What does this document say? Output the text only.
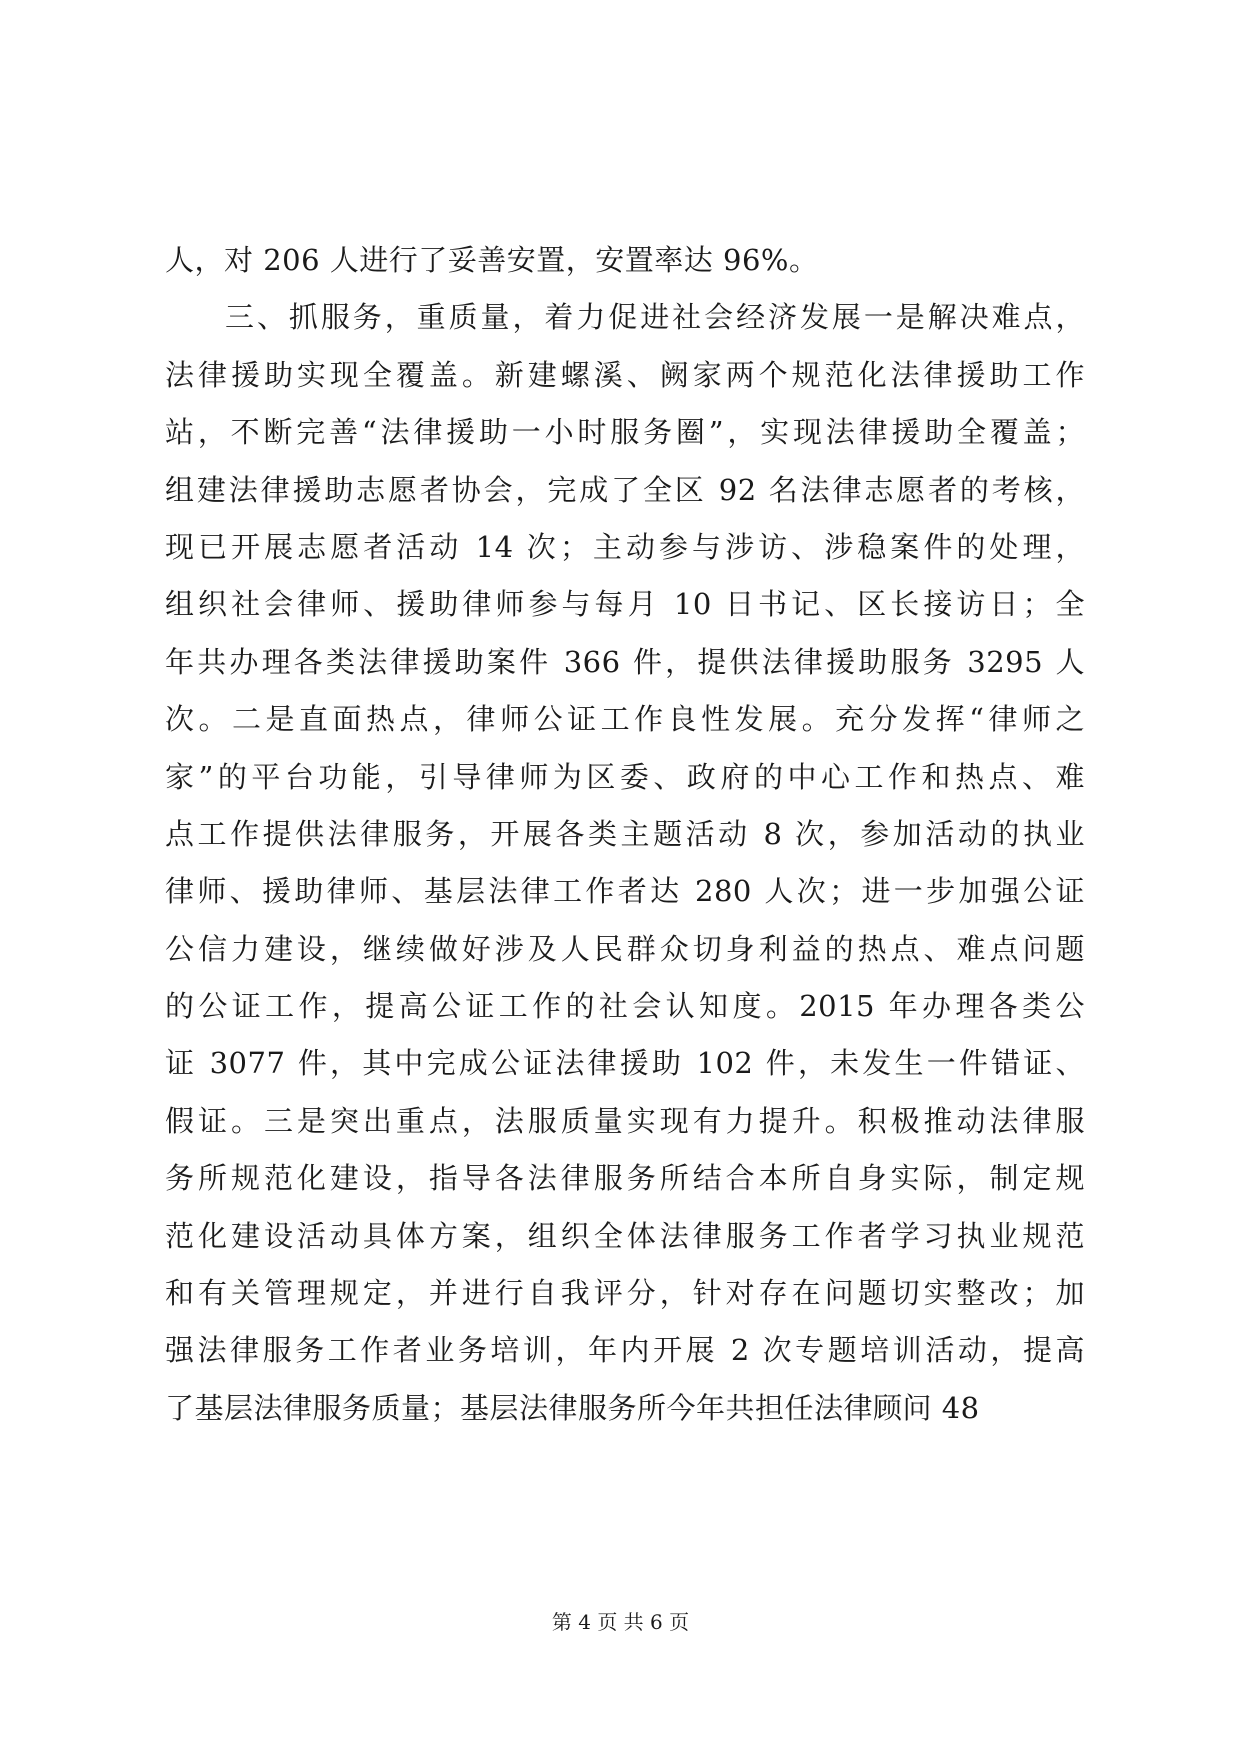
人，对 206 人进行了妥善安置，安置率达 96%。
三、抓服务，重质量，着力促进社会经济发展一是解决难点，
法律援助实现全覆盖。新建螺溪、阙家两个规范化法律援助工作
站，不断完善“法律援助一小时服务圈”，实现法律援助全覆盖；
组建法律援助志愿者协会，完成了全区 92 名法律志愿者的考核，
现已开展志愿者活动 14 次；主动参与涉访、涉稳案件的处理，
组织社会律师、援助律师参与每月 10 日书记、区长接访日；全
年共办理各类法律援助案件 366 件，提供法律援助服务 3295 人
次。二是直面热点，律师公证工作良性发展。充分发挥“律师之
家”的平台功能，引导律师为区委、政府的中心工作和热点、难
点工作提供法律服务，开展各类主题活动 8 次，参加活动的执业
律师、援助律师、基层法律工作者达 280 人次；进一步加强公证
公信力建设，继续做好涉及人民群众切身利益的热点、难点问题
的公证工作，提高公证工作的社会认知度。2015 年办理各类公
证 3077 件，其中完成公证法律援助 102 件，未发生一件错证、
假证。三是突出重点，法服质量实现有力提升。积极推动法律服
务所规范化建设，指导各法律服务所结合本所自身实际，制定规
范化建设活动具体方案，组织全体法律服务工作者学习执业规范
和有关管理规定，并进行自我评分，针对存在问题切实整改；加
强法律服务工作者业务培训，年内开展 2 次专题培训活动，提高
了基层法律服务质量；基层法律服务所今年共担任法律顾问 48
第 4 页 共 6 页
